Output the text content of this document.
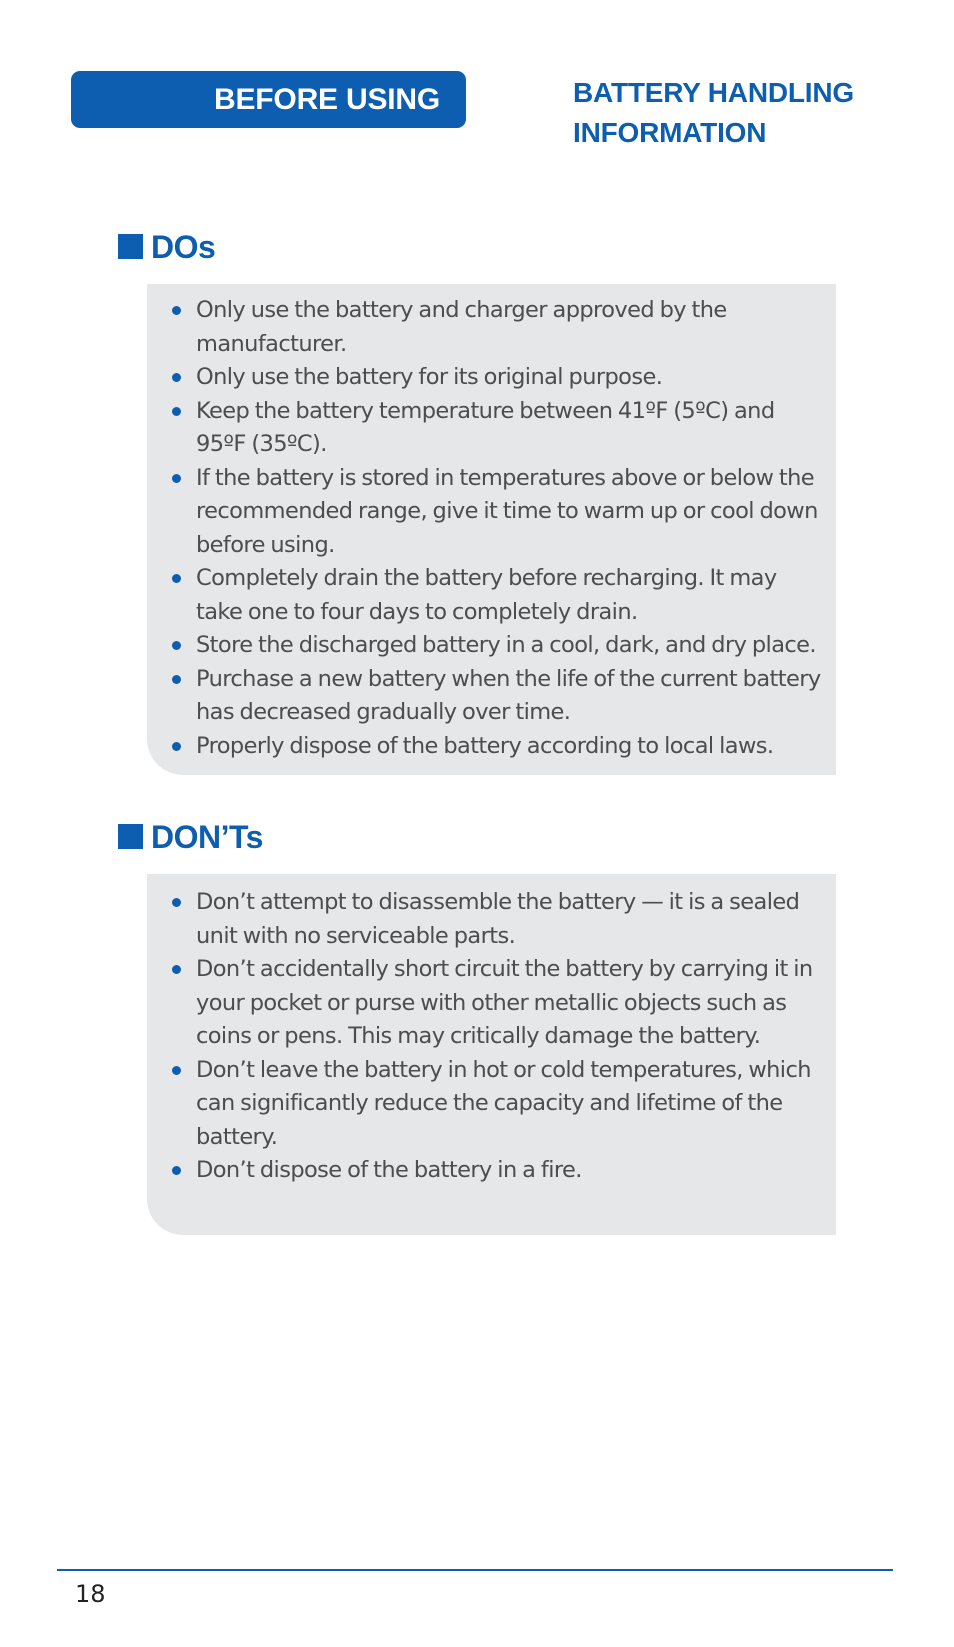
BEFORE USING	BATTERY HANDLING
INFORMATION
DOs
Only use the battery and charger approved by the manufacturer.
Only use the battery for its original purpose.
Keep the battery temperature between 41ºF (5ºC) and 95ºF (35ºC).
If the battery is stored in temperatures above or below the recommended range, give it time to warm up or cool down before using.
Completely drain the battery before recharging. It may take one to four days to completely drain.
Store the discharged battery in a cool, dark, and dry place.
Purchase a new battery when the life of the current battery has decreased gradually over time.
Properly dispose of the battery according to local laws.
DON’Ts
Don’t attempt to disassemble the battery — it is a sealed unit with no serviceable parts.
Don’t accidentally short circuit the battery by carrying it in your pocket or purse with other metallic objects such as coins or pens. This may critically damage the battery.
Don’t leave the battery in hot or cold temperatures, which can significantly reduce the capacity and lifetime of the battery.
Don’t dispose of the battery in a fire.
18
